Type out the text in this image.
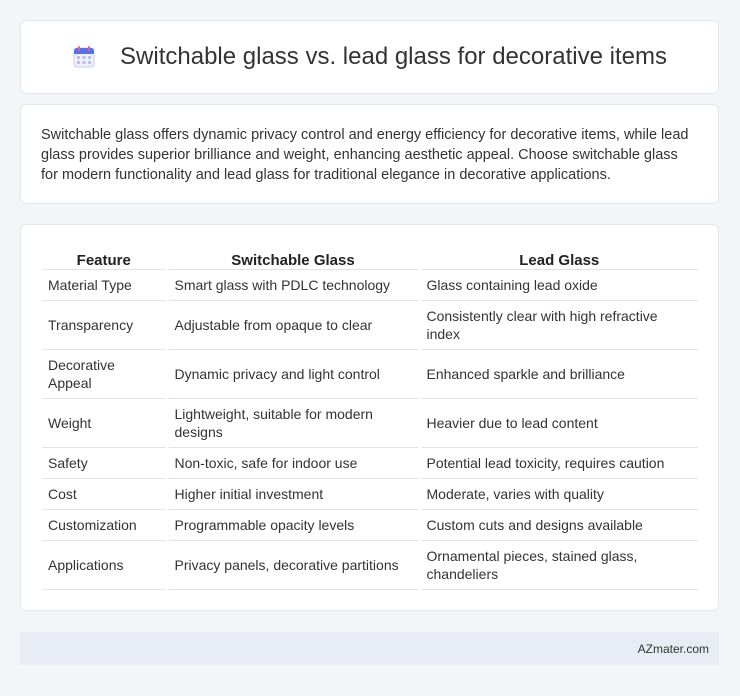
Switchable glass vs. lead glass for decorative items

Switchable glass offers dynamic privacy control and energy efficiency for decorative items, while lead glass provides superior brilliance and weight, enhancing aesthetic appeal. Choose switchable glass for modern functionality and lead glass for traditional elegance in decorative applications.

Feature	Switchable Glass	Lead Glass
Material Type	Smart glass with PDLC technology	Glass containing lead oxide
Transparency	Adjustable from opaque to clear	Consistently clear with high refractive index
Decorative Appeal	Dynamic privacy and light control	Enhanced sparkle and brilliance
Weight	Lightweight, suitable for modern designs	Heavier due to lead content
Safety	Non-toxic, safe for indoor use	Potential lead toxicity, requires caution
Cost	Higher initial investment	Moderate, varies with quality
Customization	Programmable opacity levels	Custom cuts and designs available
Applications	Privacy panels, decorative partitions	Ornamental pieces, stained glass, chandeliers
AZmater.com
